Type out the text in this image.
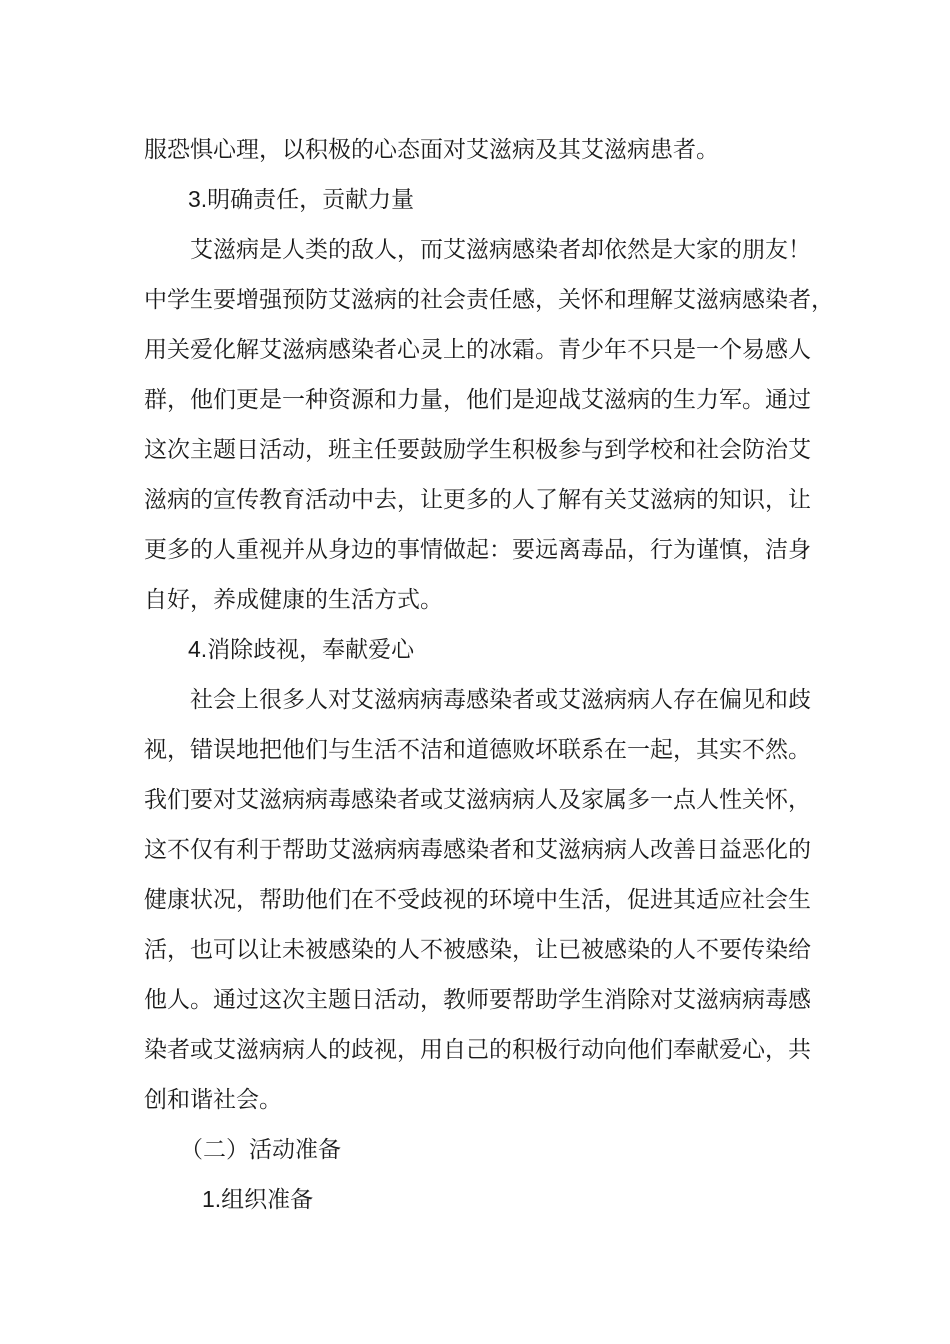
服恐惧心理，以积极的心态面对艾滋病及其艾滋病患者。
3.明确责任，贡献力量
艾滋病是人类的敌人，而艾滋病感染者却依然是大家的朋友！
中学生要增强预防艾滋病的社会责任感，关怀和理解艾滋病感染者，
用关爱化解艾滋病感染者心灵上的冰霜。青少年不只是一个易感人
群，他们更是一种资源和力量，他们是迎战艾滋病的生力军。通过
这次主题日活动，班主任要鼓励学生积极参与到学校和社会防治艾
滋病的宣传教育活动中去，让更多的人了解有关艾滋病的知识，让
更多的人重视并从身边的事情做起：要远离毒品，行为谨慎，洁身
自好，养成健康的生活方式。
4.消除歧视，奉献爱心
社会上很多人对艾滋病病毒感染者或艾滋病病人存在偏见和歧
视，错误地把他们与生活不洁和道德败坏联系在一起，其实不然。
我们要对艾滋病病毒感染者或艾滋病病人及家属多一点人性关怀，
这不仅有利于帮助艾滋病病毒感染者和艾滋病病人改善日益恶化的
健康状况，帮助他们在不受歧视的环境中生活，促进其适应社会生
活，也可以让未被感染的人不被感染，让已被感染的人不要传染给
他人。通过这次主题日活动，教师要帮助学生消除对艾滋病病毒感
染者或艾滋病病人的歧视，用自己的积极行动向他们奉献爱心，共
创和谐社会。
（二）活动准备
1.组织准备
